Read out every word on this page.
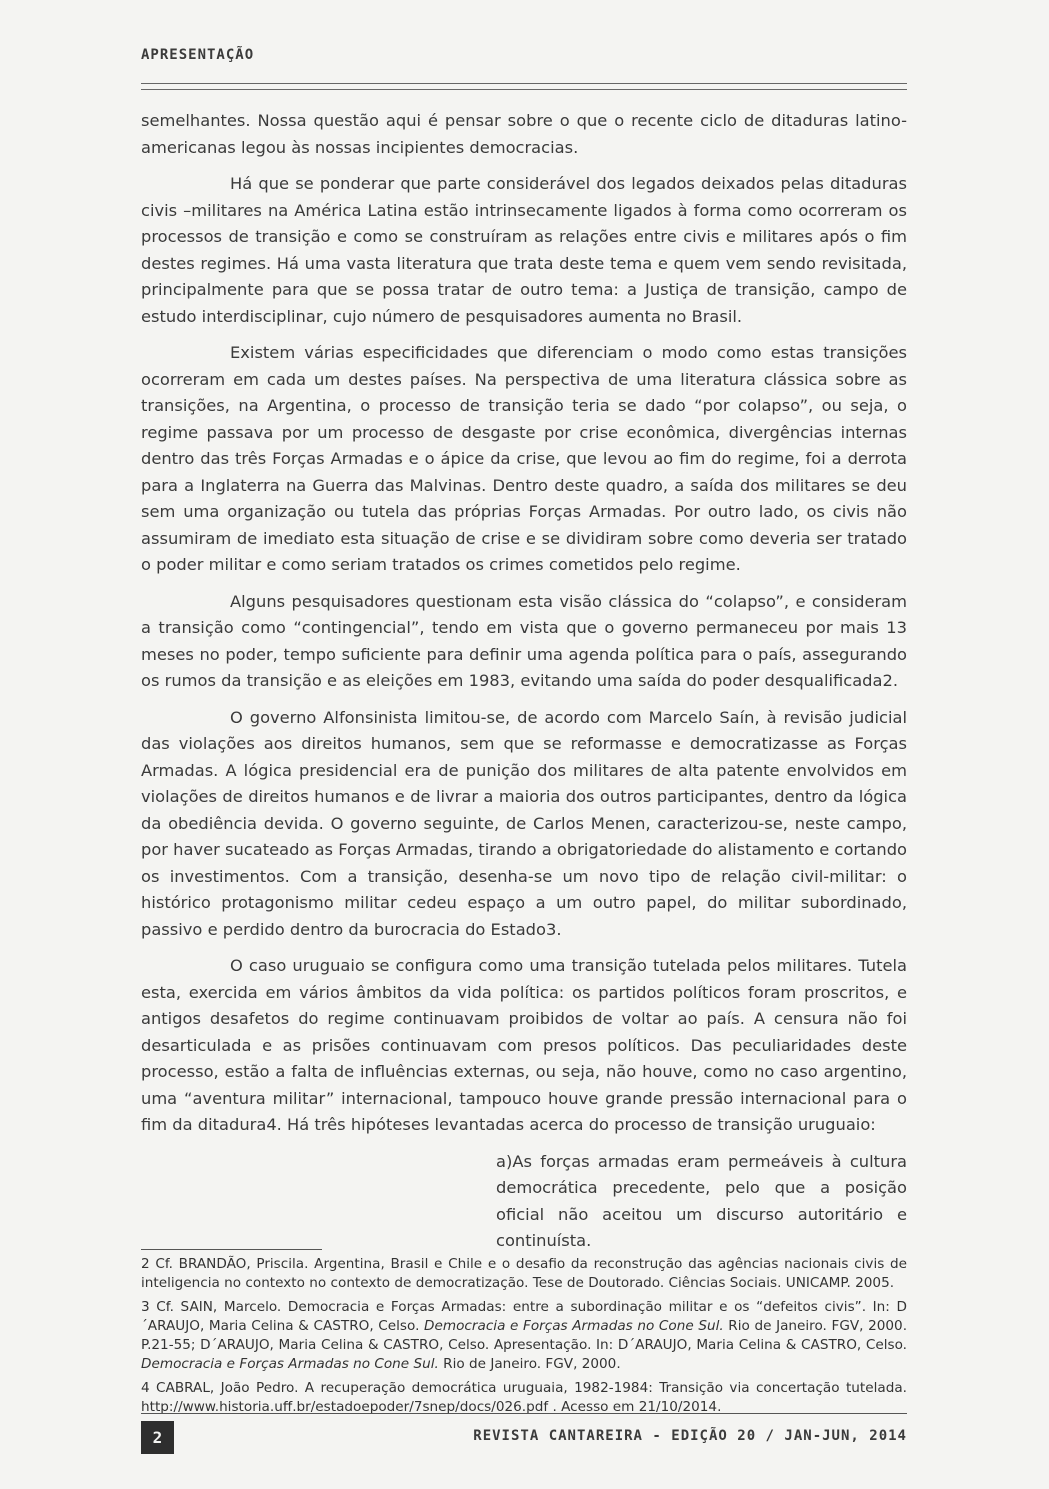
APRESENTAÇÃO

semelhantes. Nossa questão aqui é pensar sobre o que o recente ciclo de ditaduras latino-americanas legou às nossas incipientes democracias.

Há que se ponderar que parte considerável dos legados deixados pelas ditaduras civis –militares na América Latina estão intrinsecamente ligados à forma como ocorreram os processos de transição e como se construíram as relações entre civis e militares após o fim destes regimes. Há uma vasta literatura que trata deste tema e quem vem sendo revisitada, principalmente para que se possa tratar de outro tema: a Justiça de transição, campo de estudo interdisciplinar, cujo número de pesquisadores aumenta no Brasil.

Existem várias especificidades que diferenciam o modo como estas transições ocorreram em cada um destes países. Na perspectiva de uma literatura clássica sobre as transições, na Argentina, o processo de transição teria se dado “por colapso”, ou seja, o regime passava por um processo de desgaste por crise econômica, divergências internas dentro das três Forças Armadas e o ápice da crise, que levou ao fim do regime, foi a derrota para a Inglaterra na Guerra das Malvinas. Dentro deste quadro, a saída dos militares se deu sem uma organização ou tutela das próprias Forças Armadas. Por outro lado, os civis não assumiram de imediato esta situação de crise e se dividiram sobre como deveria ser tratado o poder militar e como seriam tratados os crimes cometidos pelo regime.

Alguns pesquisadores questionam esta visão clássica do “colapso”, e consideram a transição como “contingencial”, tendo em vista que o governo permaneceu por mais 13 meses no poder, tempo suficiente para definir uma agenda política para o país, assegurando os rumos da transição e as eleições em 1983, evitando uma saída do poder desqualificada2.

O governo Alfonsinista limitou-se, de acordo com Marcelo Saín, à revisão judicial das violações aos direitos humanos, sem que se reformasse e democratizasse as Forças Armadas. A lógica presidencial era de punição dos militares de alta patente envolvidos em violações de direitos humanos e de livrar a maioria dos outros participantes, dentro da lógica da obediência devida. O governo seguinte, de Carlos Menen, caracterizou-se, neste campo, por haver sucateado as Forças Armadas, tirando a obrigatoriedade do alistamento e cortando os investimentos. Com a transição, desenha-se um novo tipo de relação civil-militar: o histórico protagonismo militar cedeu espaço a um outro papel, do militar subordinado, passivo e perdido dentro da burocracia do Estado3.

O caso uruguaio se configura como uma transição tutelada pelos militares. Tutela esta, exercida em vários âmbitos da vida política: os partidos políticos foram proscritos, e antigos desafetos do regime continuavam proibidos de voltar ao país. A censura não foi desarticulada e as prisões continuavam com presos políticos. Das peculiaridades deste processo, estão a falta de influências externas, ou seja, não houve, como no caso argentino, uma “aventura militar” internacional, tampouco houve grande pressão internacional para o fim da ditadura4. Há três hipóteses levantadas acerca do processo de transição uruguaio:

a)As forças armadas eram permeáveis à cultura democrática precedente, pelo que a posição oficial não aceitou um discurso autoritário e continuísta.

2 Cf. BRANDÃO, Priscila. Argentina, Brasil e Chile e o desafio da reconstrução das agências nacionais civis de inteligencia no contexto no contexto de democratização. Tese de Doutorado. Ciências Sociais. UNICAMP. 2005.

3 Cf. SAIN, Marcelo. Democracia e Forças Armadas: entre a subordinação militar e os “defeitos civis”. In: D´ARAUJO, Maria Celina & CASTRO, Celso. Democracia e Forças Armadas no Cone Sul. Rio de Janeiro. FGV, 2000. P.21-55; D´ARAUJO, Maria Celina & CASTRO, Celso. Apresentação. In: D´ARAUJO, Maria Celina & CASTRO, Celso. Democracia e Forças Armadas no Cone Sul. Rio de Janeiro. FGV, 2000.

4 CABRAL, João Pedro. A recuperação democrática uruguaia, 1982-1984: Transição via concertação tutelada. http://www.historia.uff.br/estadoepoder/7snep/docs/026.pdf . Acesso em 21/10/2014.

2	REVISTA CANTAREIRA - EDIÇÃO 20 / JAN-JUN, 2014
